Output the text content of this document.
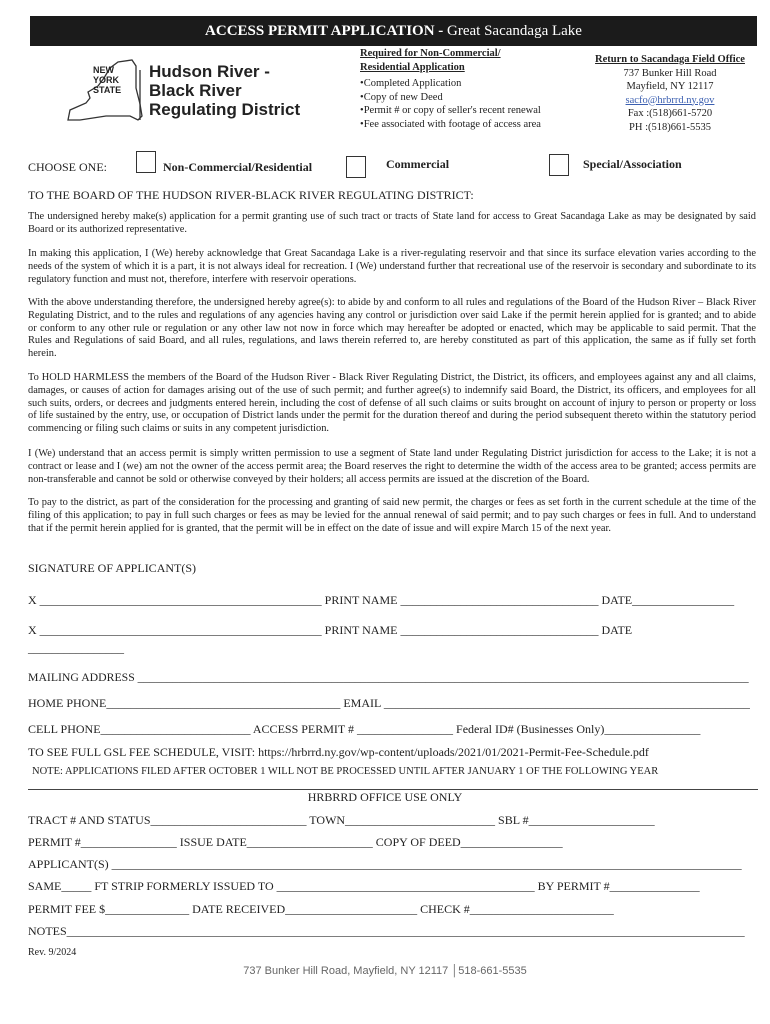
ACCESS PERMIT APPLICATION - Great Sacandaga Lake
NEW
YORK
STATE
Hudson River -
Black River
Regulating District
Required for Non-Commercial/
Residential Application
•Completed Application
•Copy of new Deed
•Permit # or copy of seller's recent renewal
•Fee associated with footage of access area
Return to Sacandaga Field Office
737 Bunker Hill Road
Mayfield, NY 12117
sacfo@hrbrrd.ny.gov
Fax :(518)661-5720
PH :(518)661-5535
CHOOSE ONE:	Non-Commercial/Residential	Commercial	Special/Association
TO THE BOARD OF THE HUDSON RIVER-BLACK RIVER REGULATING DISTRICT:
The undersigned hereby make(s) application for a permit granting use of such tract or tracts of State land for access to Great Sacandaga Lake as may be designated by said Board or its authorized representative.
In making this application, I (We) hereby acknowledge that Great Sacandaga Lake is a river-regulating reservoir and that since its surface elevation varies according to the needs of the system of which it is a part, it is not always ideal for recreation. I (We) understand further that recreational use of the reservoir is secondary and subordinate to its regulatory function and must not, therefore, interfere with reservoir operations.
With the above understanding therefore, the undersigned hereby agree(s): to abide by and conform to all rules and regulations of the Board of the Hudson River – Black River Regulating District, and to the rules and regulations of any agencies having any control or jurisdiction over said Lake if the permit herein applied for is granted; and to abide or conform to any other rule or regulation or any other law not now in force which may hereafter be adopted or enacted, which may be applicable to said permit. That the Rules and Regulations of said Board, and all rules, regulations, and laws therein referred to, are hereby constituted as part of this application, the same as if fully set forth herein.
To HOLD HARMLESS the members of the Board of the Hudson River - Black River Regulating District, the District, its officers, and employees against any and all claims, damages, or causes of action for damages arising out of the use of such permit; and further agree(s) to indemnify said Board, the District, its officers, and employees for all such suits, orders, or decrees and judgments entered herein, including the cost of defense of all such claims or suits brought on account of injury to person or property or loss of life sustained by the entry, use, or occupation of District lands under the permit for the duration thereof and during the period subsequent thereto within the statutory period commencing or filing such claims or suits in any competent jurisdiction.
I (We) understand that an access permit is simply written permission to use a segment of State land under Regulating District jurisdiction for access to the Lake; it is not a contract or lease and I (we) am not the owner of the access permit area; the Board reserves the right to determine the width of the access area to be granted; access permits are non-transferable and cannot be sold or otherwise conveyed by their holders; all access permits are issued at the discretion of the Board.
To pay to the district, as part of the consideration for the processing and granting of said new permit, the charges or fees as set forth in the current schedule at the time of the filing of this application; to pay in full such charges or fees as may be levied for the annual renewal of said permit; and to pay such charges or fees in full. And to understand that if the permit herein applied for is granted, that the permit will be in effect on the date of issue and will expire March 15 of the next year.
SIGNATURE OF APPLICANT(S)
X _______________________________________________ PRINT NAME _________________________________ DATE_________________
X _______________________________________________ PRINT NAME _________________________________ DATE
________________
MAILING ADDRESS ________________________________________________________________________________________________________
HOME PHONE_______________________________________ EMAIL _____________________________________________________________
CELL PHONE_________________________ ACCESS PERMIT # ________________ Federal ID# (Businesses Only)________________
TO SEE FULL GSL FEE SCHEDULE, VISIT: https://hrbrrd.ny.gov/wp-content/uploads/2021/01/2021-Permit-Fee-Schedule.pdf
NOTE: APPLICATIONS FILED AFTER OCTOBER 1 WILL NOT BE PROCESSED UNTIL AFTER JANUARY 1 OF THE FOLLOWING YEAR
HRBRRD OFFICE USE ONLY
TRACT # AND STATUS__________________________ TOWN_________________________ SBL #_____________________
PERMIT #________________ ISSUE DATE_____________________ COPY OF DEED_________________
APPLICANT(S) _________________________________________________________________________________________________________
SAME_____ FT STRIP FORMERLY ISSUED TO ___________________________________________ BY PERMIT #_______________
PERMIT FEE $______________ DATE RECEIVED______________________ CHECK #________________________
NOTES_________________________________________________________________________________________________________________
Rev. 9/2024
737 Bunker Hill Road, Mayfield, NY 12117 │518-661-5535
